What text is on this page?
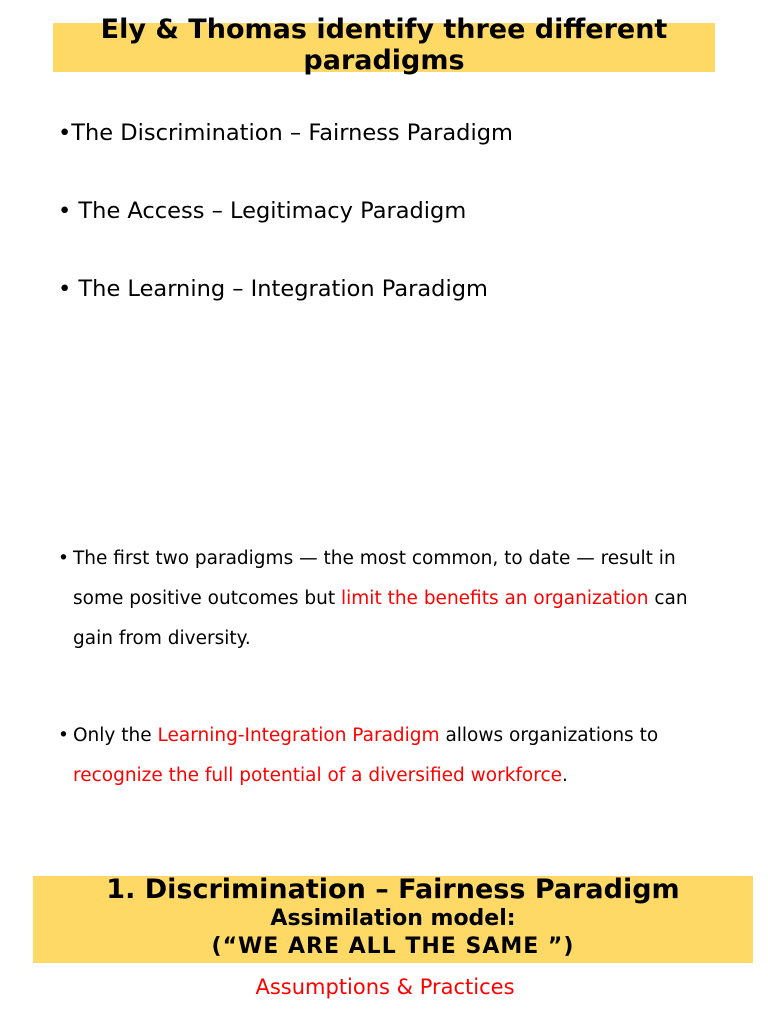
Ely & Thomas identify three different
paradigms
•The Discrimination – Fairness Paradigm
• The Access – Legitimacy Paradigm
• The Learning – Integration Paradigm
• The first two paradigms — the most common, to date — result in some positive outcomes but limit the benefits an organization can gain from diversity.
• Only the Learning-Integration Paradigm allows organizations to recognize the full potential of a diversified workforce.
1. Discrimination – Fairness Paradigm
Assimilation model:
(“WE ARE ALL THE SAME ”)
Assumptions & Practices
